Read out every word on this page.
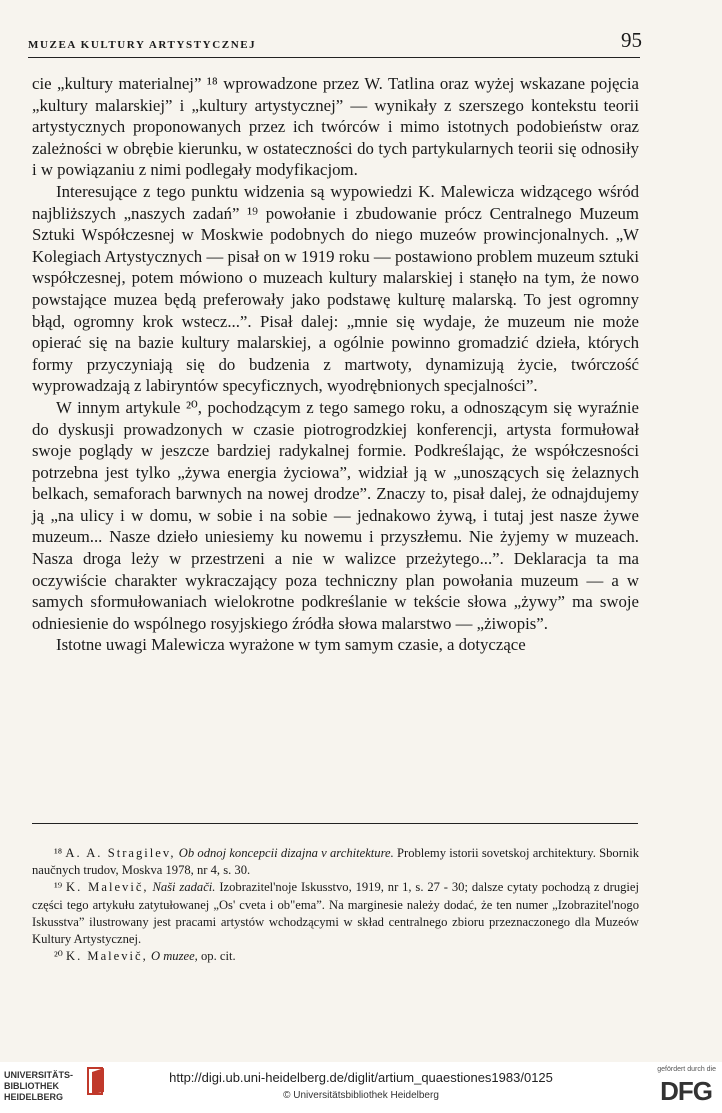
MUZEA KULTURY ARTYSTYCZNEJ	95

cie „kultury materialnej” ¹⁸ wprowadzone przez W. Tatlina oraz wyżej wskazane pojęcia „kultury malarskiej” i „kultury artystycznej” — wynikały z szerszego kontekstu teorii artystycznych proponowanych przez ich twórców i mimo istotnych podobieństw oraz zależności w obrębie kierunku, w ostateczności do tych partykularnych teorii się odnosiły i w powiązaniu z nimi podlegały modyfikacjom.

Interesujące z tego punktu widzenia są wypowiedzi K. Malewicza widzącego wśród najbliższych „naszych zadań” ¹⁹ powołanie i zbudowanie prócz Centralnego Muzeum Sztuki Współczesnej w Moskwie podobnych do niego muzeów prowincjonalnych. „W Kolegiach Artystycznych — pisał on w 1919 roku — postawiono problem muzeum sztuki współczesnej, potem mówiono o muzeach kultury malarskiej i stanęło na tym, że nowo powstające muzea będą preferowały jako podstawę kulturę malarską. To jest ogromny błąd, ogromny krok wstecz...”. Pisał dalej: „mnie się wydaje, że muzeum nie może opierać się na bazie kultury malarskiej, a ogólnie powinno gromadzić dzieła, których formy przyczyniają się do budzenia z martwoty, dynamizują życie, twórczość wyprowadzają z labiryntów specyficznych, wyodrębnionych specjalności”.

W innym artykule ²⁰, pochodzącym z tego samego roku, a odnoszącym się wyraźnie do dyskusji prowadzonych w czasie piotrogrodzkiej konferencji, artysta formułował swoje poglądy w jeszcze bardziej radykalnej formie. Podkreślając, że współczesności potrzebna jest tylko „żywa energia życiowa”, widział ją w „unoszących się żelaznych belkach, semaforach barwnych na nowej drodze”. Znaczy to, pisał dalej, że odnajdujemy ją „na ulicy i w domu, w sobie i na sobie — jednakowo żywą, i tutaj jest nasze żywe muzeum... Nasze dzieło uniesiemy ku nowemu i przyszłemu. Nie żyjemy w muzeach. Nasza droga leży w przestrzeni a nie w walizce przeżytego...”. Deklaracja ta ma oczywiście charakter wykraczający poza techniczny plan powołania muzeum — a w samych sformułowaniach wielokrotne podkreślanie w tekście słowa „żywy” ma swoje odniesienie do wspólnego rosyjskiego źródła słowa malarstwo — „żiwopis”.

Istotne uwagi Malewicza wyrażone w tym samym czasie, a dotyczące

¹⁸ A. A. Stragilev, Ob odnoj koncepcii dizajna v architekture. Problemy istorii sovetskoj architektury. Sbornik naučnych trudov, Moskva 1978, nr 4, s. 30.

¹⁹ K. Malevič, Naši zadači. Izobrazitel'noje Iskusstvo, 1919, nr 1, s. 27 - 30; dalsze cytaty pochodzą z drugiej części tego artykułu zatytułowanej „Os' cveta i ob"ema”. Na marginesie należy dodać, że ten numer „Izobrazitel'nogo Iskusstva” ilustrowany jest pracami artystów wchodzącymi w skład centralnego zbioru przeznaczonego dla Muzeów Kultury Artystycznej.

²⁰ K. Malevič, O muzee, op. cit.

UNIVERSITÄTS-
BIBLIOTHEK
HEIDELBERG
http://digi.ub.uni-heidelberg.de/diglit/artium_quaestiones1983/0125
© Universitätsbibliothek Heidelberg
gefördert durch die
DFG
